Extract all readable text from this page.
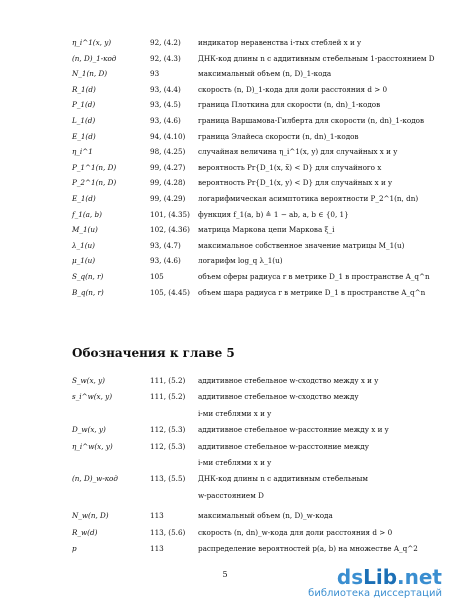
η_i^1(x, y)	92, (4.2) индикатор неравенства i-тых стеблей x и y
(n, D)_1-код	92, (4.3) ДНК-код длины n с аддитивным стебельным 1-расстоянием D
N_1(n, D)	93	максимальный объем (n, D)_1-кода
R_1(d)	93, (4.4) скорость (n, D)_1-кода для доли расстояния d > 0
P_1(d)	93, (4.5) граница Плоткина для скорости (n, dn)_1-кодов
L_1(d)	93, (4.6) граница Варшамова-Гилберта для скорости (n, dn)_1-кодов
E_1(d)	94, (4.10) граница Элайеса скорости (n, dn)_1-кодов
η_i^1	98, (4.25) случайная величина η_i^1(x, y) для случайных x и y
P_1^1(n, D)	99, (4.27) вероятность Pr{D_1(x, x̃) < D} для случайного x
P_2^1(n, D)	99, (4.28) вероятность Pr{D_1(x, y) < D} для случайных x и y
E_1(d)	99, (4.29) логарифмическая асимптотика вероятности P_2^1(n, dn)
f_1(a, b)	101, (4.35) функция f_1(a, b) ≜ 1 − ab, a, b ∈ {0, 1}
M_1(u)	102, (4.36) матрица Маркова цепи Маркова ξ_i
λ_1(u)	93, (4.7) максимальное собственное значение матрицы M_1(u)
μ_1(u)	93, (4.6) логарифм log_q λ_1(u)
S_q(n, r)	105	объем сферы радиуса r в метрике D_1 в пространстве A_q^n
B_q(n, r)	105, (4.45) объем шара радиуса r в метрике D_1 в пространстве A_q^n
Обозначения к главе 5
S_w(x, y)	111, (5.2) аддитивное стебельное w-сходство между x и y
s_i^w(x, y)	111, (5.2) аддитивное стебельное w-сходство между
i-ми стеблями x и y
D_w(x, y)	112, (5.3) аддитивное стебельное w-расстояние между x и y
η_i^w(x, y)	112, (5.3) аддитивное стебельное w-расстояние между
i-ми стеблями x и y
(n, D)_w-код	113, (5.5) ДНК-код длины n с аддитивным стебельным
w-расстоянием D
N_w(n, D)	113	максимальный объем (n, D)_w-кода
R_w(d)	113, (5.6) скорость (n, dn)_w-кода для доли расстояния d > 0
p	113	распределение вероятностей p(a, b) на множестве A_q^2
5	dsLib.net
библиотека диссертаций
